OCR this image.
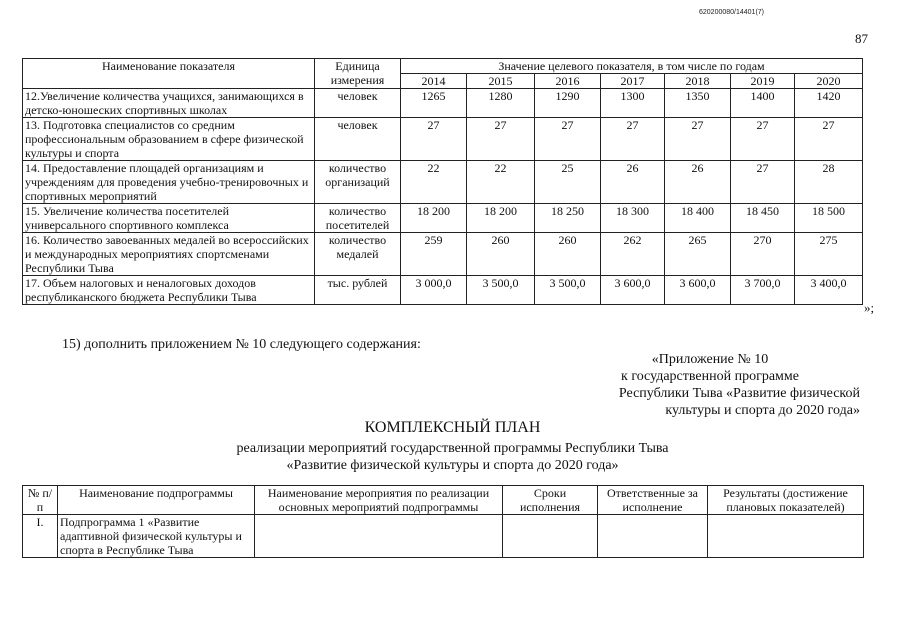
620200080/14401(7)
87
Наименование показателя	Единица измерения	Значение целевого показателя, в том числе по годам						
		2014	2015	2016	2017	2018	2019	2020
12.Увеличение количества учащихся, занимающихся в детско-юношеских спортивных школах	человек	1265	1280	1290	1300	1350	1400	1420
13. Подготовка специалистов со средним профессиональным образованием в сфере физической культуры и спорта	человек	27	27	27	27	27	27	27
14. Предоставление площадей организациям и учреждениям для проведения учебно-тренировочных и спортивных мероприятий	количество организаций	22	22	25	26	26	27	28
15. Увеличение количества посетителей универсального спортивного комплекса	количество посетителей	18 200	18 200	18 250	18 300	18 400	18 450	18 500
16. Количество завоеванных медалей во всероссийских и международных мероприятиях спортсменами Республики Тыва	количество медалей	259	260	260	262	265	270	275
17. Объем налоговых и неналоговых доходов республиканского бюджета Республики Тыва	тыс. рублей	3 000,0	3 500,0	3 500,0	3 600,0	3 600,0	3 700,0	3 400,0
»;
15) дополнить приложением № 10 следующего содержания:
«Приложение № 10
к государственной программе
Республики Тыва «Развитие физической
культуры и спорта до 2020 года»
КОМПЛЕКСНЫЙ ПЛАН
реализации мероприятий государственной программы Республики Тыва
«Развитие физической культуры и спорта до 2020 года»
№ п/п	Наименование подпрограммы	Наименование мероприятия по реализации основных мероприятий подпрограммы	Сроки исполнения	Ответственные за исполнение	Результаты (достижение плановых показателей)
I.	Подпрограмма 1 «Развитие адаптивной физической культуры и спорта в Республике Тыва				
